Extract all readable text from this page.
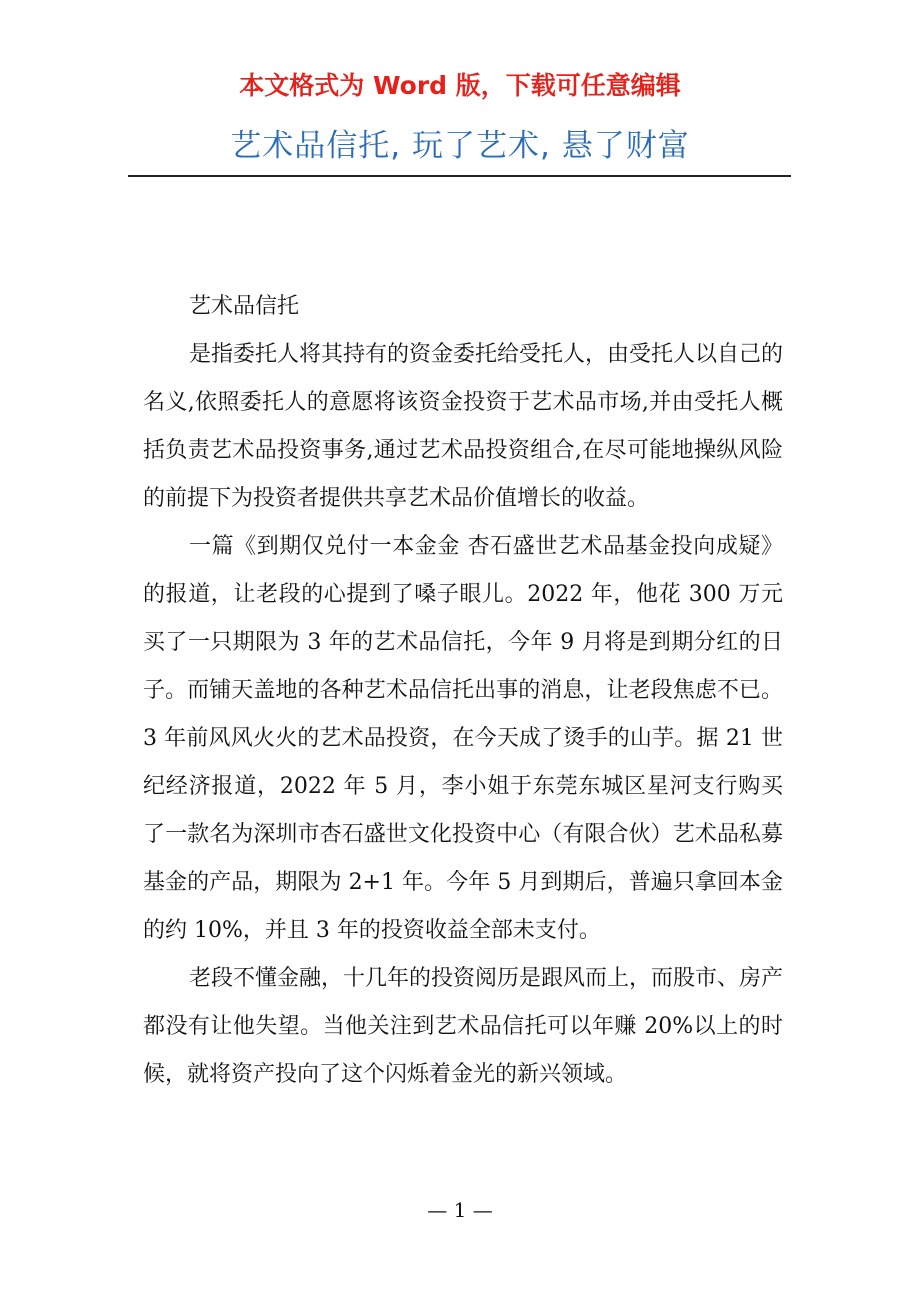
本文格式为 Word 版，下载可任意编辑
艺术品信托, 玩了艺术, 悬了财富

艺术品信托

是指委托人将其持有的资金委托给受托人，由受托人以自己的名义,依照委托人的意愿将该资金投资于艺术品市场,并由受托人概括负责艺术品投资事务,通过艺术品投资组合,在尽可能地操纵风险的前提下为投资者提供共享艺术品价值增长的收益。

一篇《到期仅兑付一本金金 杏石盛世艺术品基金投向成疑》的报道，让老段的心提到了嗓子眼儿。2022 年，他花 300 万元买了一只期限为 3 年的艺术品信托，今年 9 月将是到期分红的日子。而铺天盖地的各种艺术品信托出事的消息，让老段焦虑不已。3 年前风风火火的艺术品投资，在今天成了烫手的山芋。据 21 世纪经济报道，2022 年 5 月，李小姐于东莞东城区星河支行购买了一款名为深圳市杏石盛世文化投资中心（有限合伙）艺术品私募基金的产品，期限为 2+1 年。今年 5 月到期后，普遍只拿回本金的约 10%，并且 3 年的投资收益全部未支付。

老段不懂金融，十几年的投资阅历是跟风而上，而股市、房产都没有让他失望。当他关注到艺术品信托可以年赚 20%以上的时候，就将资产投向了这个闪烁着金光的新兴领域。

— 1 —
